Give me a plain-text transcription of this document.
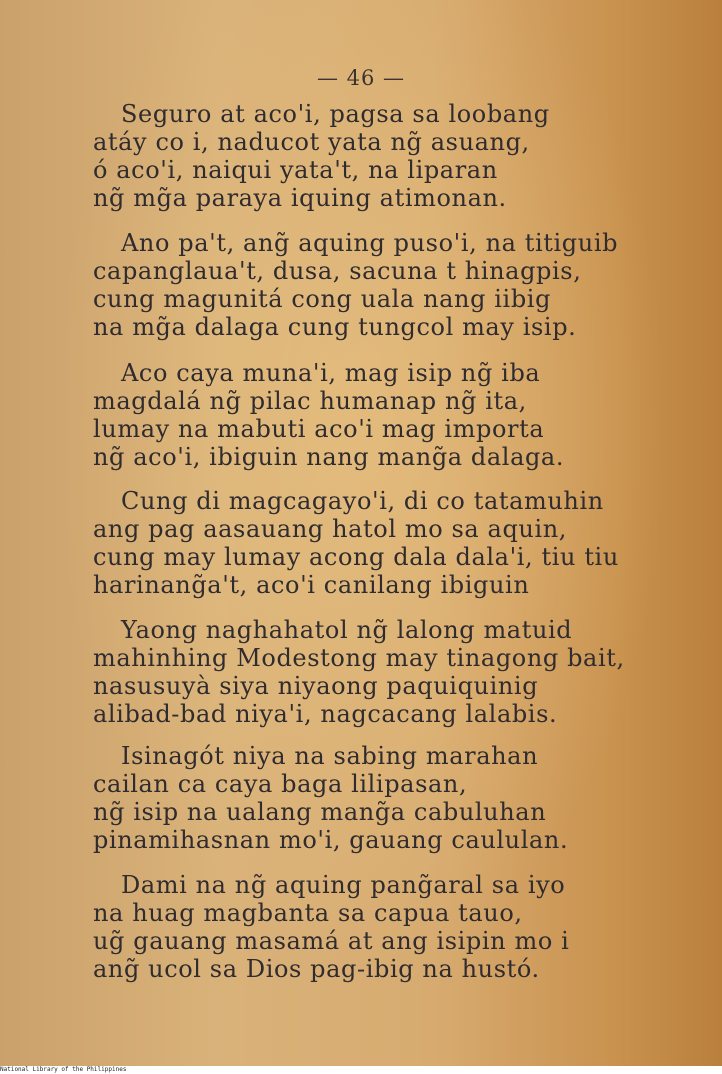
— 46 —
Seguro at aco'i, pagsa sa loobang
atáy co i, naducot yata ng̃ asuang,
ó aco'i, naiqui yata't, na liparan
ng̃ mg̃a paraya iquing atimonan.
Ano pa't, ang̃ aquing puso'i, na titiguib
capanglaua't, dusa, sacuna t hinagpis,
cung magunitá cong uala nang iibig
na mg̃a dalaga cung tungcol may isip.
Aco caya muna'i, mag isip ng̃ iba
magdalá ng̃ pilac humanap ng̃ ita,
lumay na mabuti aco'i mag importa
ng̃ aco'i, ibiguin nang mang̃a dalaga.
Cung di magcagayo'i, di co tatamuhin
ang pag aasauang hatol mo sa aquin,
cung may lumay acong dala dala'i, tiu tiu
harinang̃a't, aco'i canilang ibiguin
Yaong naghahatol ng̃ lalong matuid
mahinhing Modestong may tinagong bait,
nasusuyà siya niyaong paquiquinig
alibad-bad niya'i, nagcacang lalabis.
Isinagót niya na sabing marahan
cailan ca caya baga lilipasan,
ng̃ isip na ualang mang̃a cabuluhan
pinamihasnan mo'i, gauang caululan.
Dami na ng̃ aquing pang̃aral sa iyo
na huag magbanta sa capua tauo,
ug̃ gauang masamá at ang isipin mo i
ang̃ ucol sa Dios pag-ibig na hustó.
National Library of the Philippines
